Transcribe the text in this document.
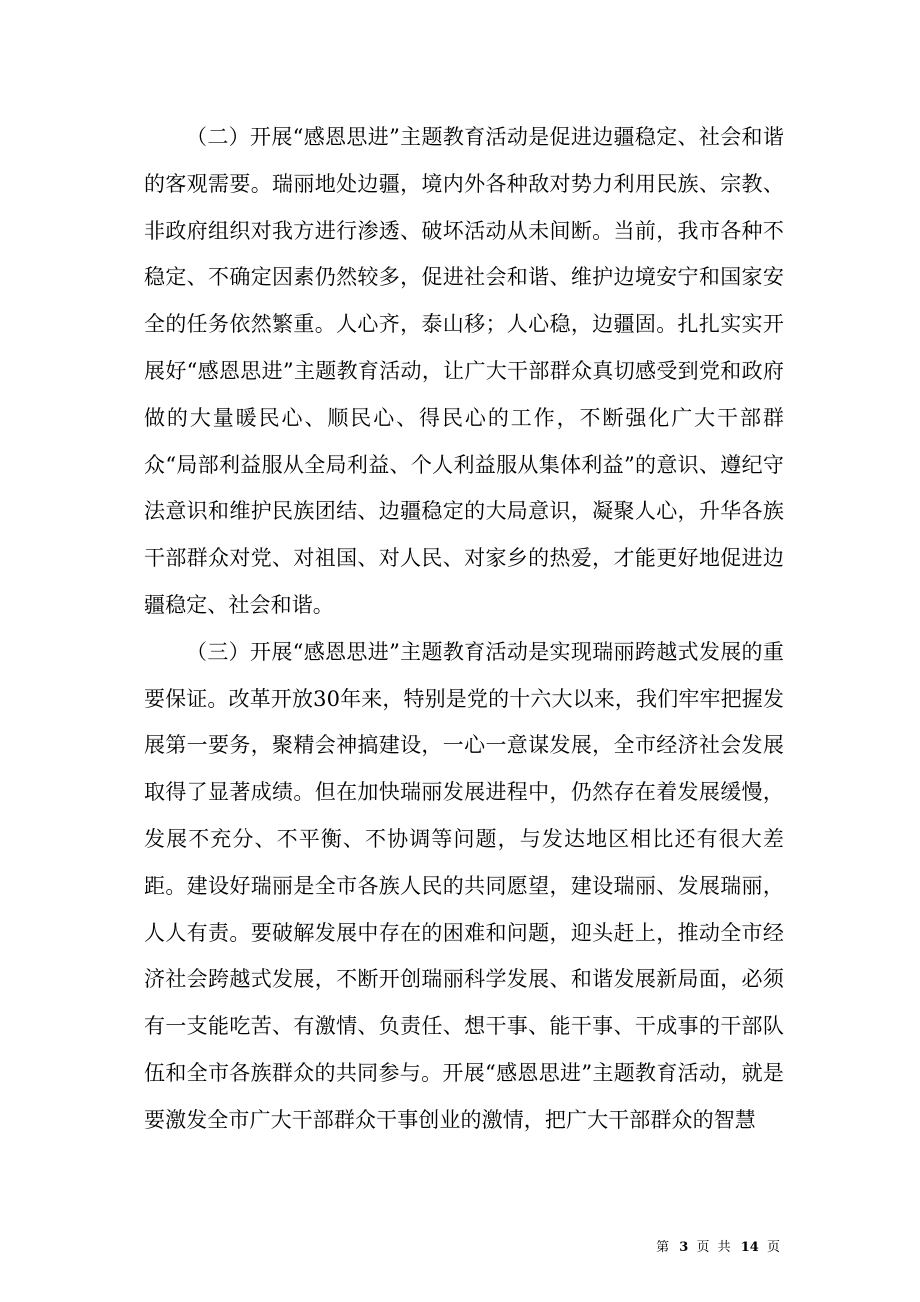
（二）开展“感恩思进”主题教育活动是促进边疆稳定、社会和谐的客观需要。瑞丽地处边疆，境内外各种敌对势力利用民族、宗教、非政府组织对我方进行渗透、破坏活动从未间断。当前，我市各种不稳定、不确定因素仍然较多，促进社会和谐、维护边境安宁和国家安全的任务依然繁重。人心齐，泰山移；人心稳，边疆固。扎扎实实开展好“感恩思进”主题教育活动，让广大干部群众真切感受到党和政府做的大量暖民心、顺民心、得民心的工作，不断强化广大干部群众“局部利益服从全局利益、个人利益服从集体利益”的意识、遵纪守法意识和维护民族团结、边疆稳定的大局意识，凝聚人心，升华各族干部群众对党、对祖国、对人民、对家乡的热爱，才能更好地促进边疆稳定、社会和谐。

（三）开展“感恩思进”主题教育活动是实现瑞丽跨越式发展的重要保证。改革开放30年来，特别是党的十六大以来，我们牢牢把握发展第一要务，聚精会神搞建设，一心一意谋发展，全市经济社会发展取得了显著成绩。但在加快瑞丽发展进程中，仍然存在着发展缓慢，发展不充分、不平衡、不协调等问题，与发达地区相比还有很大差距。建设好瑞丽是全市各族人民的共同愿望，建设瑞丽、发展瑞丽，人人有责。要破解发展中存在的困难和问题，迎头赶上，推动全市经济社会跨越式发展，不断开创瑞丽科学发展、和谐发展新局面，必须有一支能吃苦、有激情、负责任、想干事、能干事、干成事的干部队伍和全市各族群众的共同参与。开展“感恩思进”主题教育活动，就是要激发全市广大干部群众干事创业的激情，把广大干部群众的智慧

第 3 页 共 14 页
